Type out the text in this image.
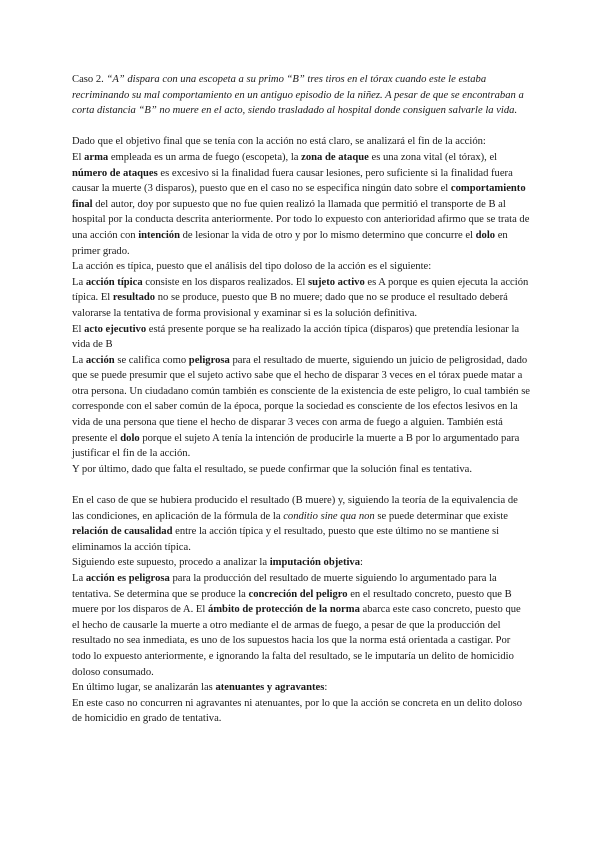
Caso 2. “A” dispara con una escopeta a su primo “B” tres tiros en el tórax cuando este le estaba recriminando su mal comportamiento en un antiguo episodio de la niñez. A pesar de que se encontraban a corta distancia “B” no muere en el acto, siendo trasladado al hospital donde consiguen salvarle la vida.

Dado que el objetivo final que se tenía con la acción no está claro, se analizará el fin de la acción:

El arma empleada es un arma de fuego (escopeta), la zona de ataque es una zona vital (el tórax), el número de ataques es excesivo si la finalidad fuera causar lesiones, pero suficiente si la finalidad fuera causar la muerte (3 disparos), puesto que en el caso no se especifica ningún dato sobre el comportamiento final del autor, doy por supuesto que no fue quien realizó la llamada que permitió el transporte de B al hospital por la conducta descrita anteriormente. Por todo lo expuesto con anterioridad afirmo que se trata de una acción con intención de lesionar la vida de otro y por lo mismo determino que concurre el dolo en primer grado.

La acción es típica, puesto que el análisis del tipo doloso de la acción es el siguiente:

La acción típica consiste en los disparos realizados. El sujeto activo es A porque es quien ejecuta la acción típica. El resultado no se produce, puesto que B no muere; dado que no se produce el resultado deberá valorarse la tentativa de forma provisional y examinar si es la solución definitiva.

El acto ejecutivo está presente porque se ha realizado la acción típica (disparos) que pretendía lesionar la vida de B

La acción se califica como peligrosa para el resultado de muerte, siguiendo un juicio de peligrosidad, dado que se puede presumir que el sujeto activo sabe que el hecho de disparar 3 veces en el tórax puede matar a otra persona. Un ciudadano común también es consciente de la existencia de este peligro, lo cual también se corresponde con el saber común de la época, porque la sociedad es consciente de los efectos lesivos en la vida de una persona que tiene el hecho de disparar 3 veces con arma de fuego a alguien. También está presente el dolo porque el sujeto A tenía la intención de producirle la muerte a B por lo argumentado para justificar el fin de la acción.

Y por último, dado que falta el resultado, se puede confirmar que la solución final es tentativa.

En el caso de que se hubiera producido el resultado (B muere) y, siguiendo la teoría de la equivalencia de las condiciones, en aplicación de la fórmula de la conditio sine qua non se puede determinar que existe relación de causalidad entre la acción típica y el resultado, puesto que este último no se mantiene si eliminamos la acción típica.

Siguiendo este supuesto, procedo a analizar la imputación objetiva:

La acción es peligrosa para la producción del resultado de muerte siguiendo lo argumentado para la tentativa. Se determina que se produce la concreción del peligro en el resultado concreto, puesto que B muere por los disparos de A. El ámbito de protección de la norma abarca este caso concreto, puesto que el hecho de causarle la muerte a otro mediante el de armas de fuego, a pesar de que la producción del resultado no sea inmediata, es uno de los supuestos hacia los que la norma está orientada a castigar. Por todo lo expuesto anteriormente, e ignorando la falta del resultado, se le imputaría un delito de homicidio doloso consumado.

En último lugar, se analizarán las atenuantes y agravantes:

En este caso no concurren ni agravantes ni atenuantes, por lo que la acción se concreta en un delito doloso de homicidio en grado de tentativa.
